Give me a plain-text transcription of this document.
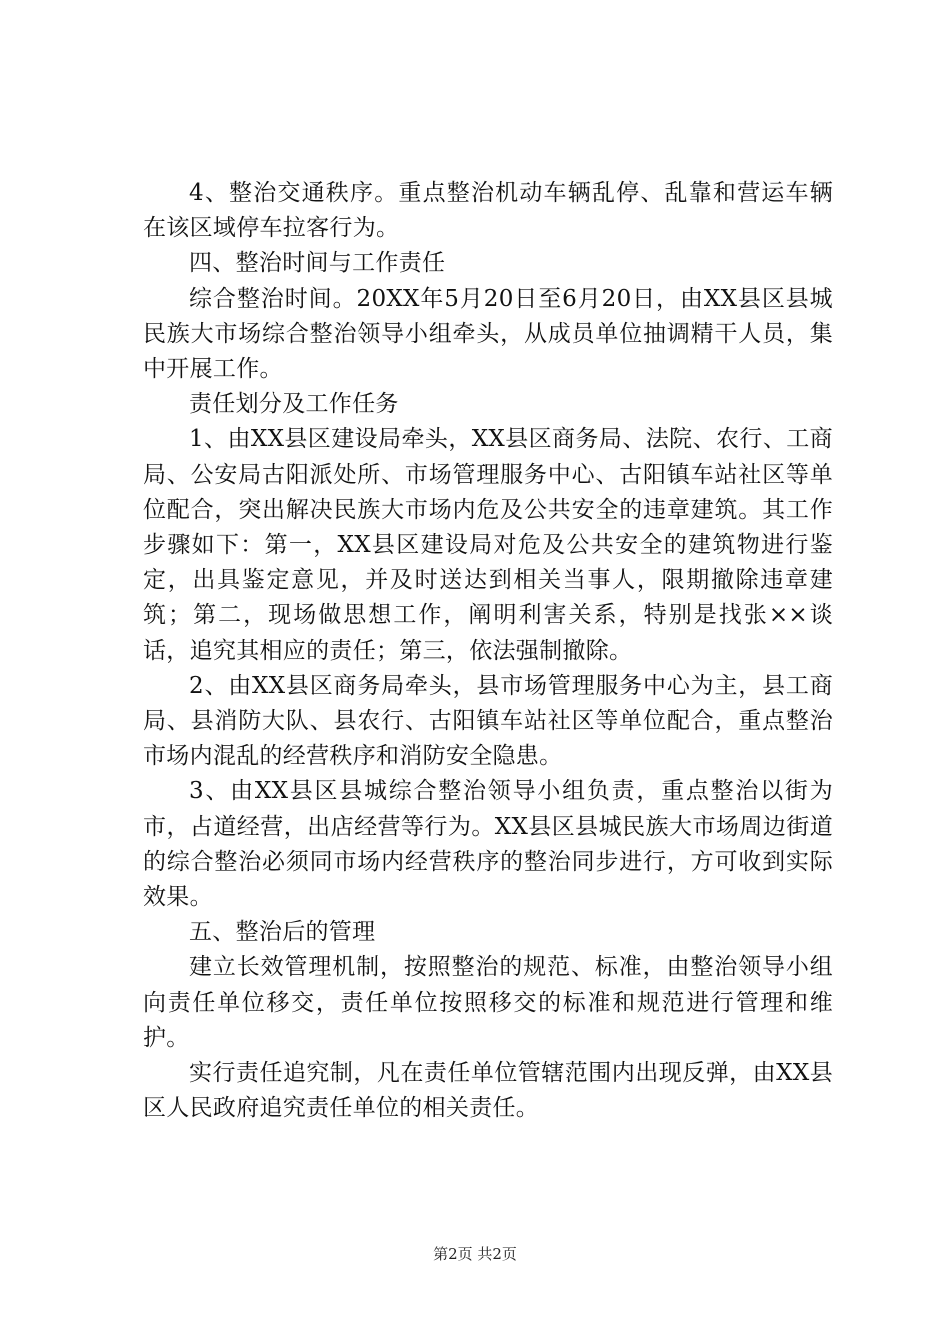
4、整治交通秩序。重点整治机动车辆乱停、乱靠和营运车辆在该区域停车拉客行为。

四、整治时间与工作责任

综合整治时间。20XX年5月20日至6月20日，由XX县区县城民族大市场综合整治领导小组牵头，从成员单位抽调精干人员，集中开展工作。

责任划分及工作任务

1、由XX县区建设局牵头，XX县区商务局、法院、农行、工商局、公安局古阳派处所、市场管理服务中心、古阳镇车站社区等单位配合，突出解决民族大市场内危及公共安全的违章建筑。其工作步骤如下：第一，XX县区建设局对危及公共安全的建筑物进行鉴定，出具鉴定意见，并及时送达到相关当事人，限期撤除违章建筑；第二，现场做思想工作，阐明利害关系，特别是找张××谈话，追究其相应的责任；第三，依法强制撤除。

2、由XX县区商务局牵头，县市场管理服务中心为主，县工商局、县消防大队、县农行、古阳镇车站社区等单位配合，重点整治市场内混乱的经营秩序和消防安全隐患。

3、由XX县区县城综合整治领导小组负责，重点整治以街为市，占道经营，出店经营等行为。XX县区县城民族大市场周边街道的综合整治必须同市场内经营秩序的整治同步进行，方可收到实际效果。

五、整治后的管理

建立长效管理机制，按照整治的规范、标准，由整治领导小组向责任单位移交，责任单位按照移交的标准和规范进行管理和维护。

实行责任追究制，凡在责任单位管辖范围内出现反弹，由XX县区人民政府追究责任单位的相关责任。

第2页 共2页
